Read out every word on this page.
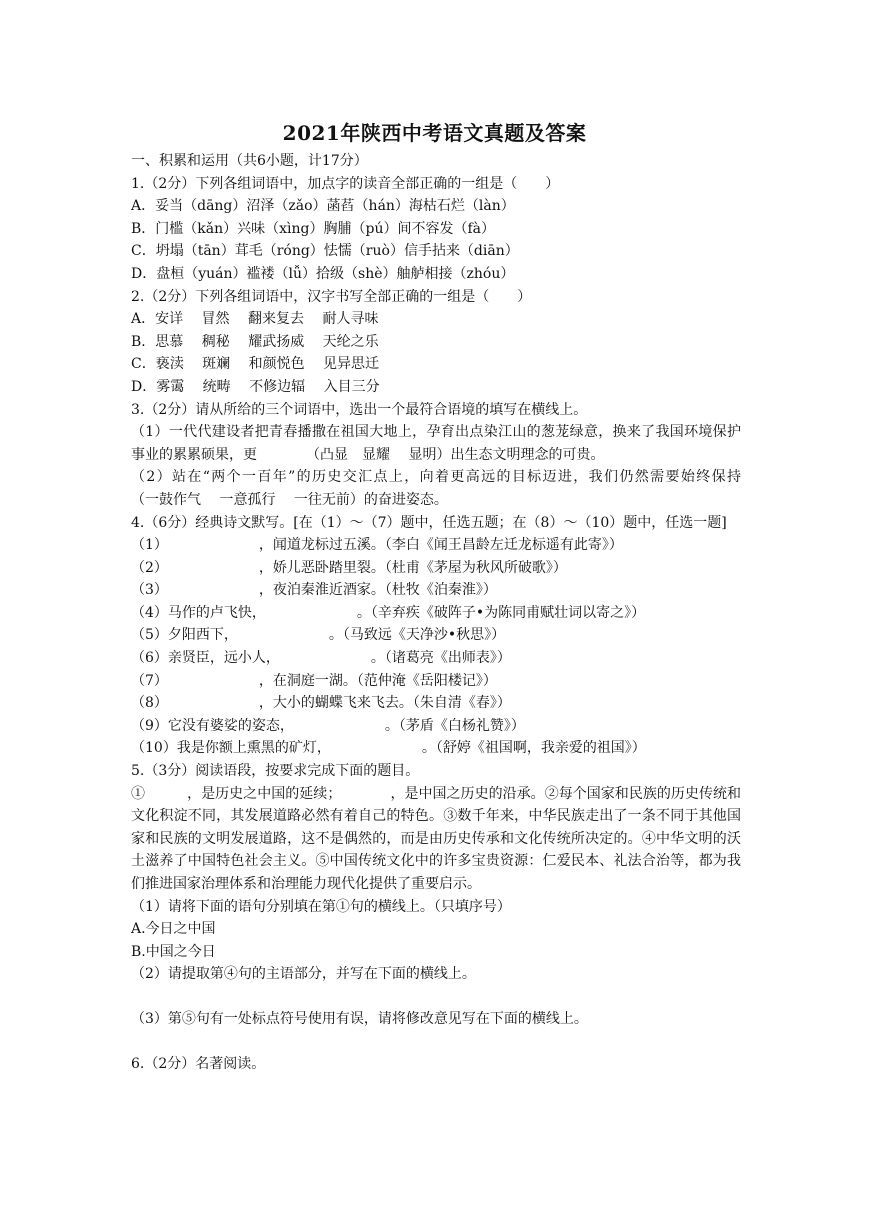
2021年陕西中考语文真题及答案
一、积累和运用（共6小题，计17分）
1.（2分）下列各组词语中，加点字的读音全部正确的一组是（　　）
A．妥当（dāng）沼泽（zǎo）菡萏（hán）海枯石烂（làn）
B．门槛（kǎn）兴味（xìng）胸脯（pú）间不容发（fà）
C．坍塌（tān）茸毛（róng）怯懦（ruò）信手拈来（diān）
D．盘桓（yuán）褴褛（lǚ）拾级（shè）舳舻相接（zhóu）
2.（2分）下列各组词语中，汉字书写全部正确的一组是（　　）
A．安详　 冒然　 翻来复去　 耐人寻味
B．思慕　 稠秘　 耀武扬威　 天纶之乐
C．亵渎　 斑斓　 和颜悦色　 见异思迁
D．雾霭　 统畴　 不修边辐　 入目三分
3.（2分）请从所给的三个词语中，选出一个最符合语境的填写在横线上。
（1）一代代建设者把青春播撒在祖国大地上，孕育出点染江山的葱茏绿意，换来了我国环境保护事业的累累硕果，更　　　　（凸显　显耀　 显明）出生态文明理念的可贵。
（2）站在“两个一百年”的历史交汇点上，向着更高远的目标迈进，我们仍然需要始终保持　　　　（一鼓作气　 一意孤行　 一往无前）的奋进姿态。
4.（6分）经典诗文默写。[在（1）～（7）题中，任选五题；在（8）～（10）题中，任选一题]
（1）　　　　　　　，闻道龙标过五溪。（李白《闻王昌龄左迁龙标遥有此寄》）
（2）　　　　　　　，娇儿恶卧踏里裂。（杜甫《茅屋为秋风所破歌》）
（3）　　　　　　　，夜泊秦淮近酒家。（杜牧《泊秦淮》）
（4）马作的卢飞快，　　　　　　　。（辛弃疾《破阵子•为陈同甫赋壮词以寄之》）
（5）夕阳西下，　　　　　　　。（马致远《天净沙•秋思》）
（6）亲贤臣，远小人，　　　　　　　。（诸葛亮《出师表》）
（7）　　　　　　　，在洞庭一湖。（范仲淹《岳阳楼记》）
（8）　　　　　　　，大小的蝴蝶飞来飞去。（朱自清《春》）
（9）它没有婆娑的姿态，　　　　　　　。（茅盾《白杨礼赞》）
（10）我是你额上熏黑的矿灯，　　　　　　　。（舒婷《祖国啊，我亲爱的祖国》）
5.（3分）阅读语段，按要求完成下面的题目。
①　　　，是历史之中国的延续；　　　　，是中国之历史的沿承。②每个国家和民族的历史传统和文化积淀不同，其发展道路必然有着自己的特色。③数千年来，中华民族走出了一条不同于其他国家和民族的文明发展道路，这不是偶然的，而是由历史传承和文化传统所决定的。④中华文明的沃土滋养了中国特色社会主义。⑤中国传统文化中的许多宝贵资源：仁爱民本、礼法合治等，都为我们推进国家治理体系和治理能力现代化提供了重要启示。
（1）请将下面的语句分别填在第①句的横线上。（只填序号）
A.今日之中国
B.中国之今日
（2）请提取第④句的主语部分，并写在下面的横线上。
（3）第⑤句有一处标点符号使用有误，请将修改意见写在下面的横线上。
6.（2分）名著阅读。
